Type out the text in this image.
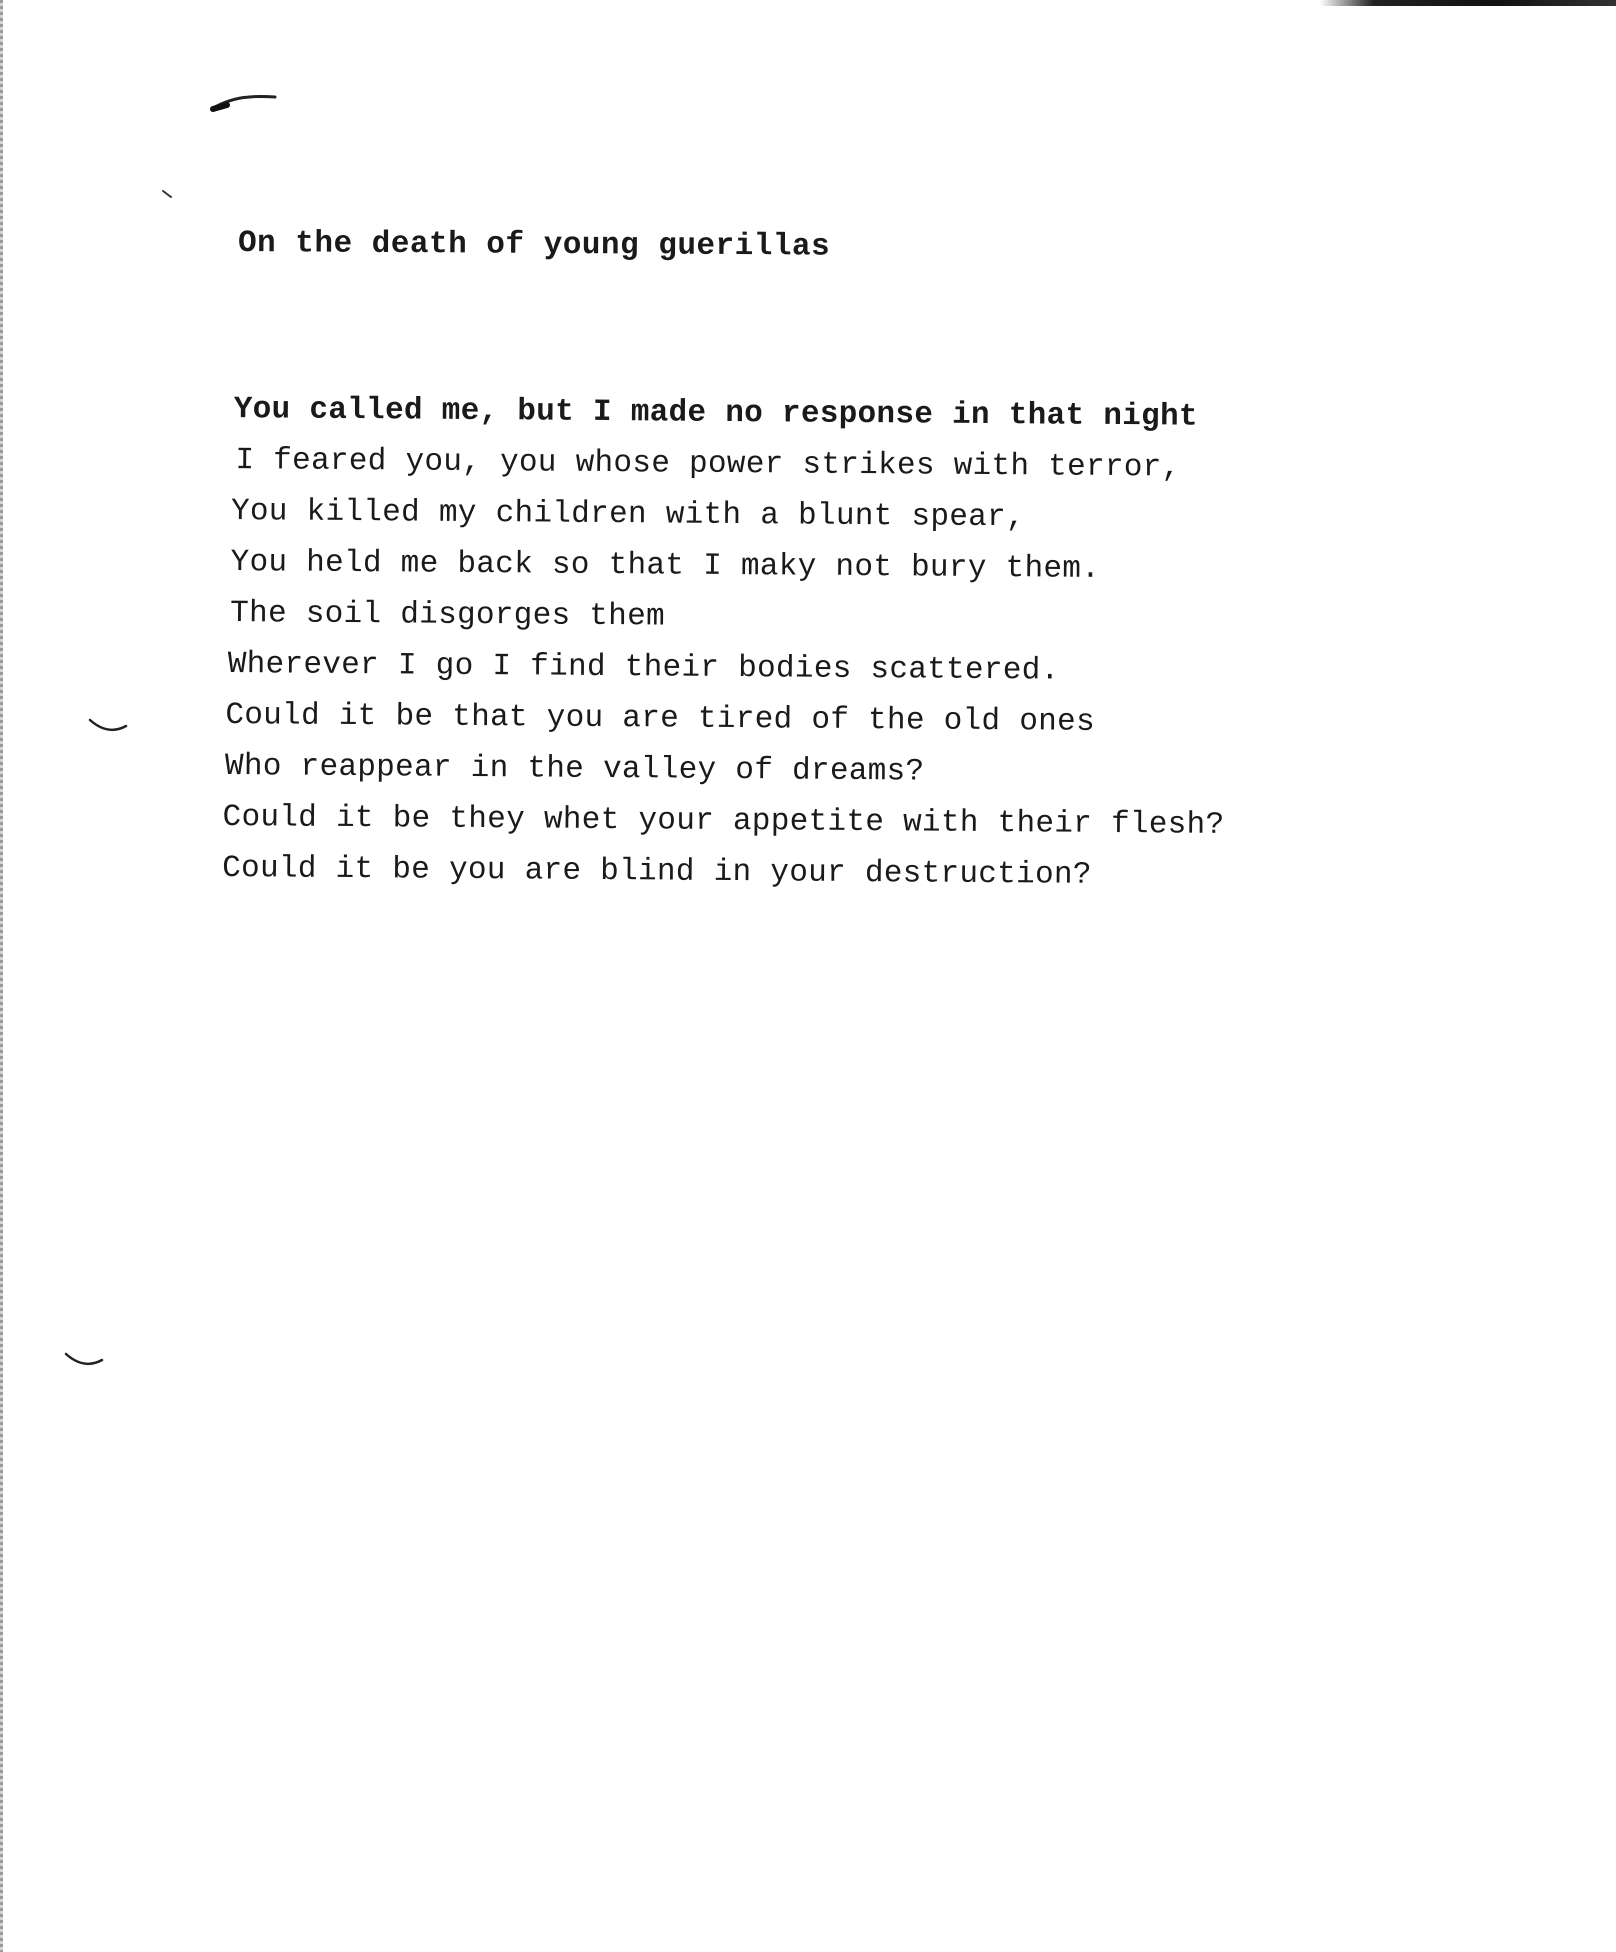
On the death of young guerillas
You called me, but I made no response in that night
I feared you, you whose power strikes with terror,
You killed my children with a blunt spear,
You held me back so that I maky not bury them.
The soil disgorges them
Wherever I go I find their bodies scattered.
Could it be that you are tired of the old ones
Who reappear in the valley of dreams?
Could it be they whet your appetite with their flesh?
Could it be you are blind in your destruction?
